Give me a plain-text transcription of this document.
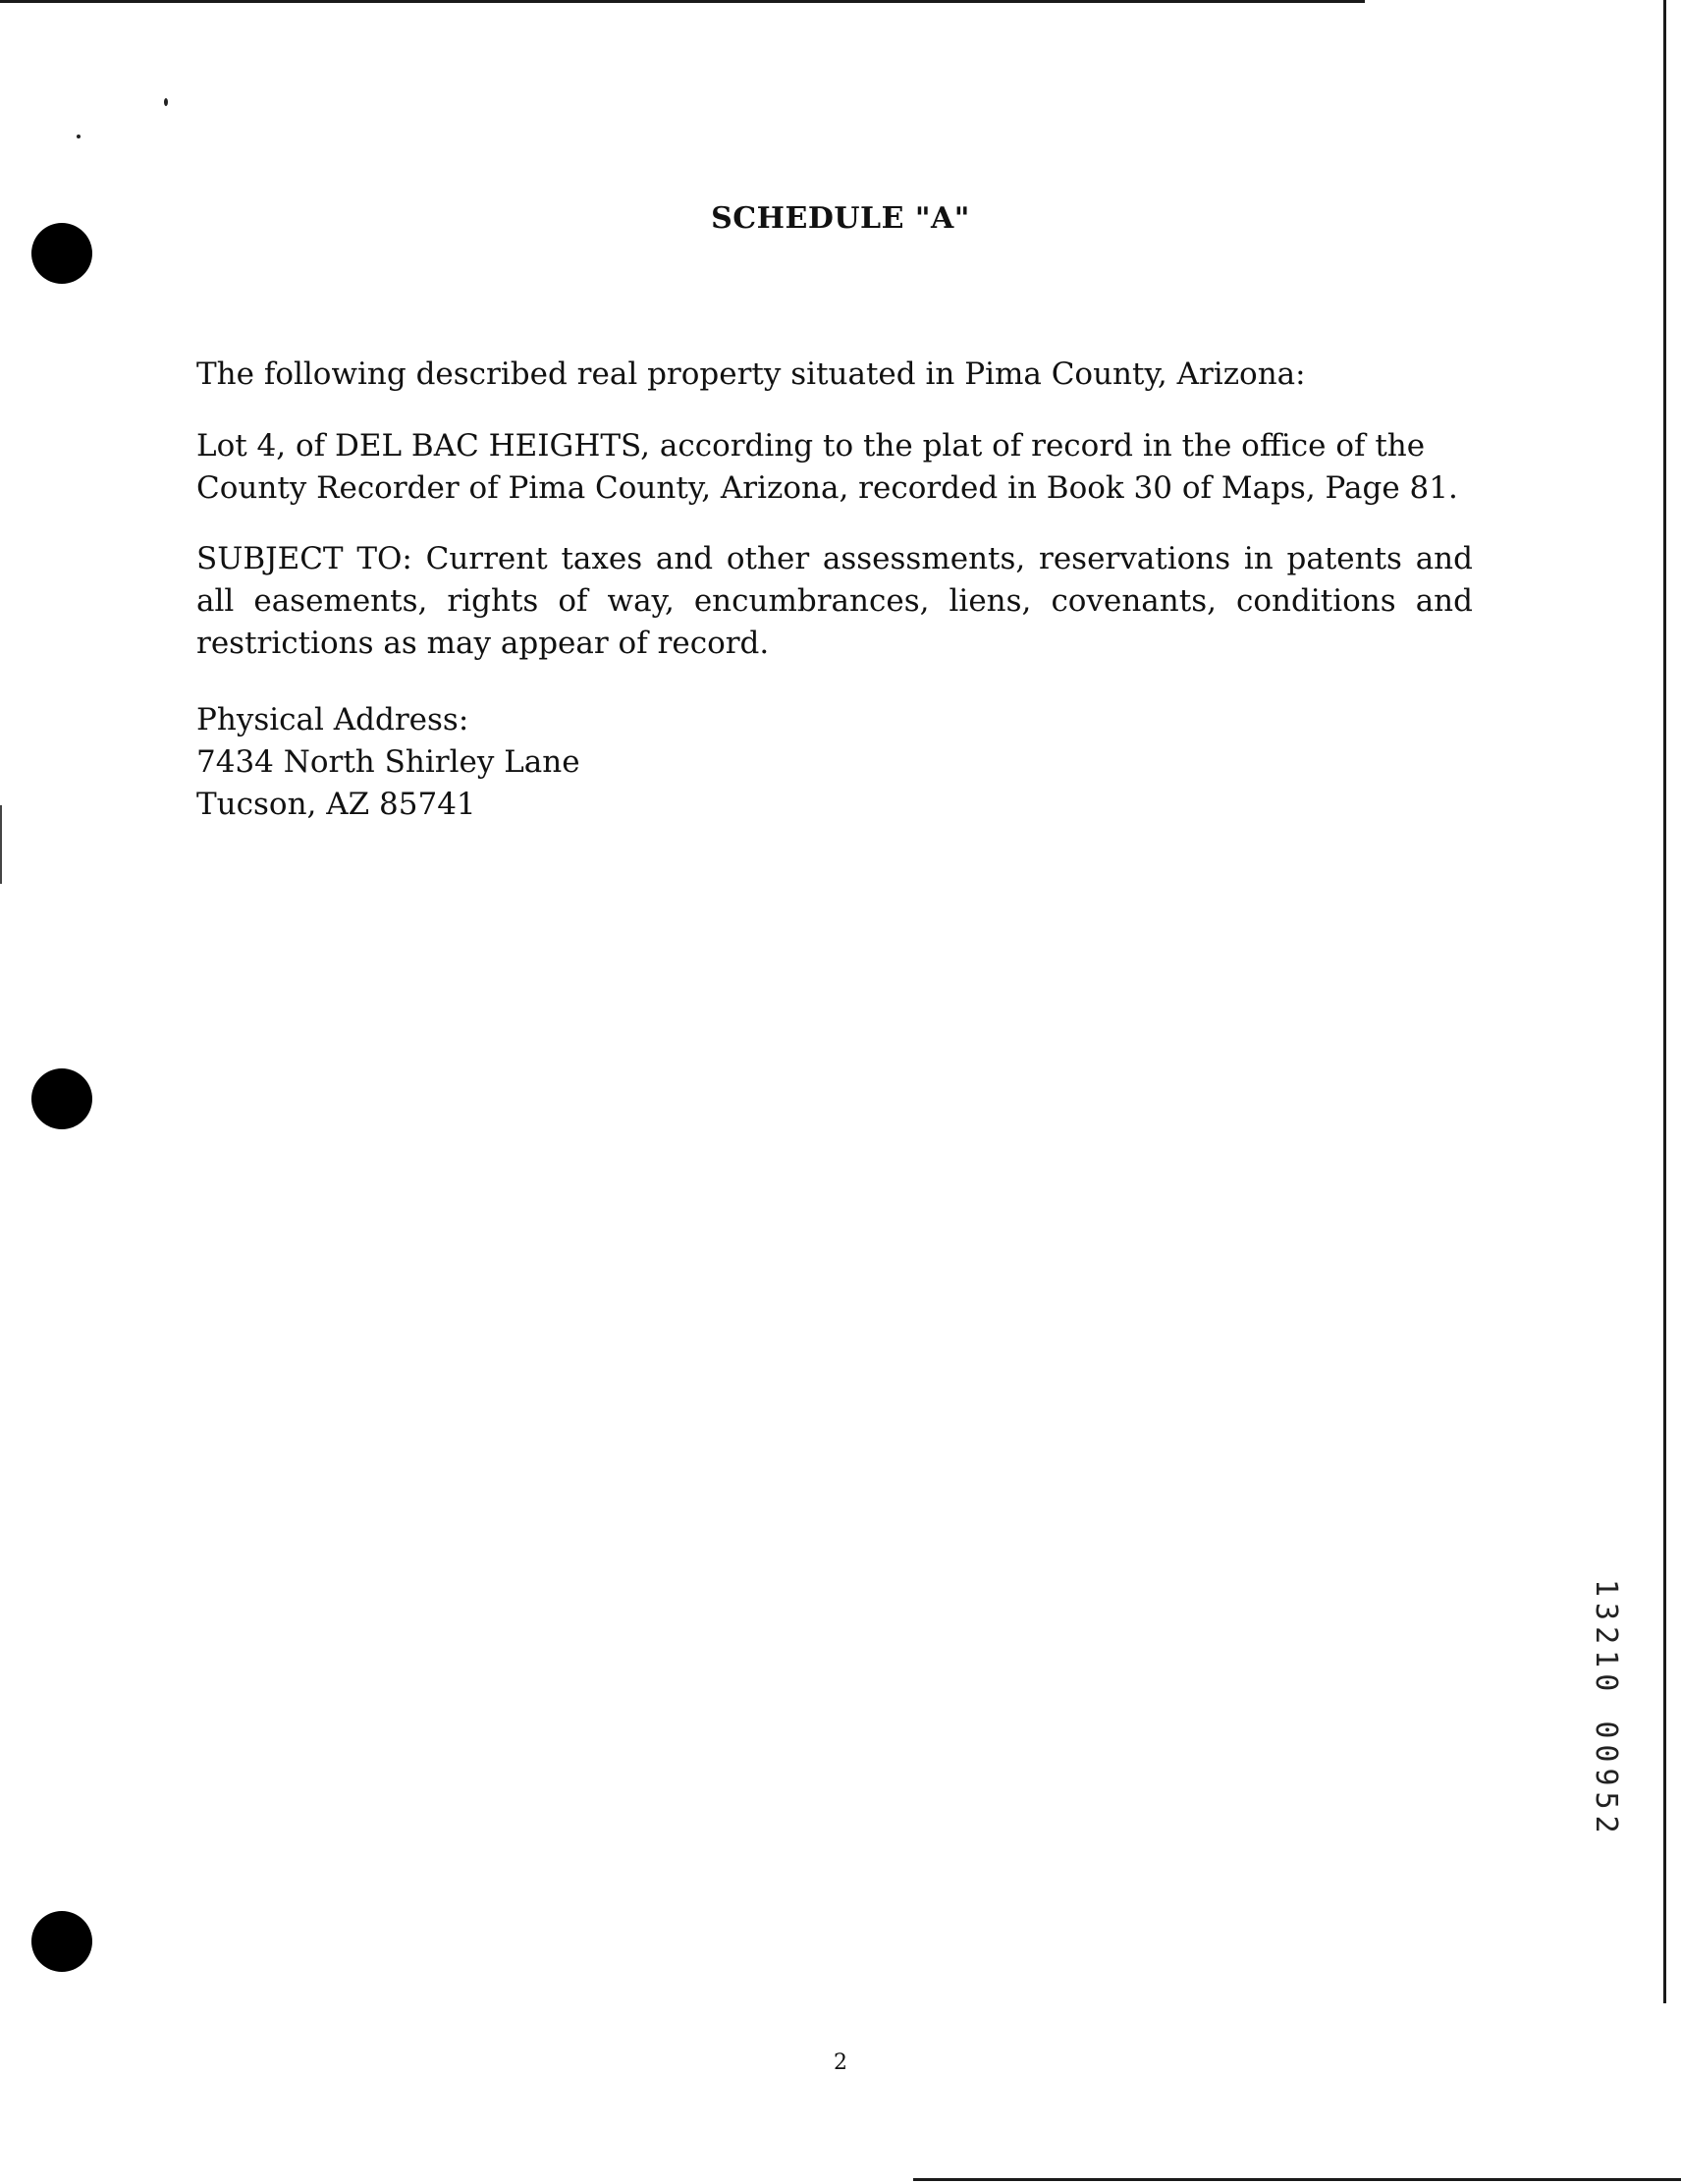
SCHEDULE "A"
The following described real property situated in Pima County, Arizona:
Lot 4, of DEL BAC HEIGHTS, according to the plat of record in the office of the County Recorder of Pima County, Arizona, recorded in Book 30 of Maps, Page 81.
SUBJECT TO: Current taxes and other assessments, reservations in patents and all easements, rights of way, encumbrances, liens, covenants, conditions and restrictions as may appear of record.
Physical Address:
7434 North Shirley Lane
Tucson, AZ 85741
13210 00952
2
